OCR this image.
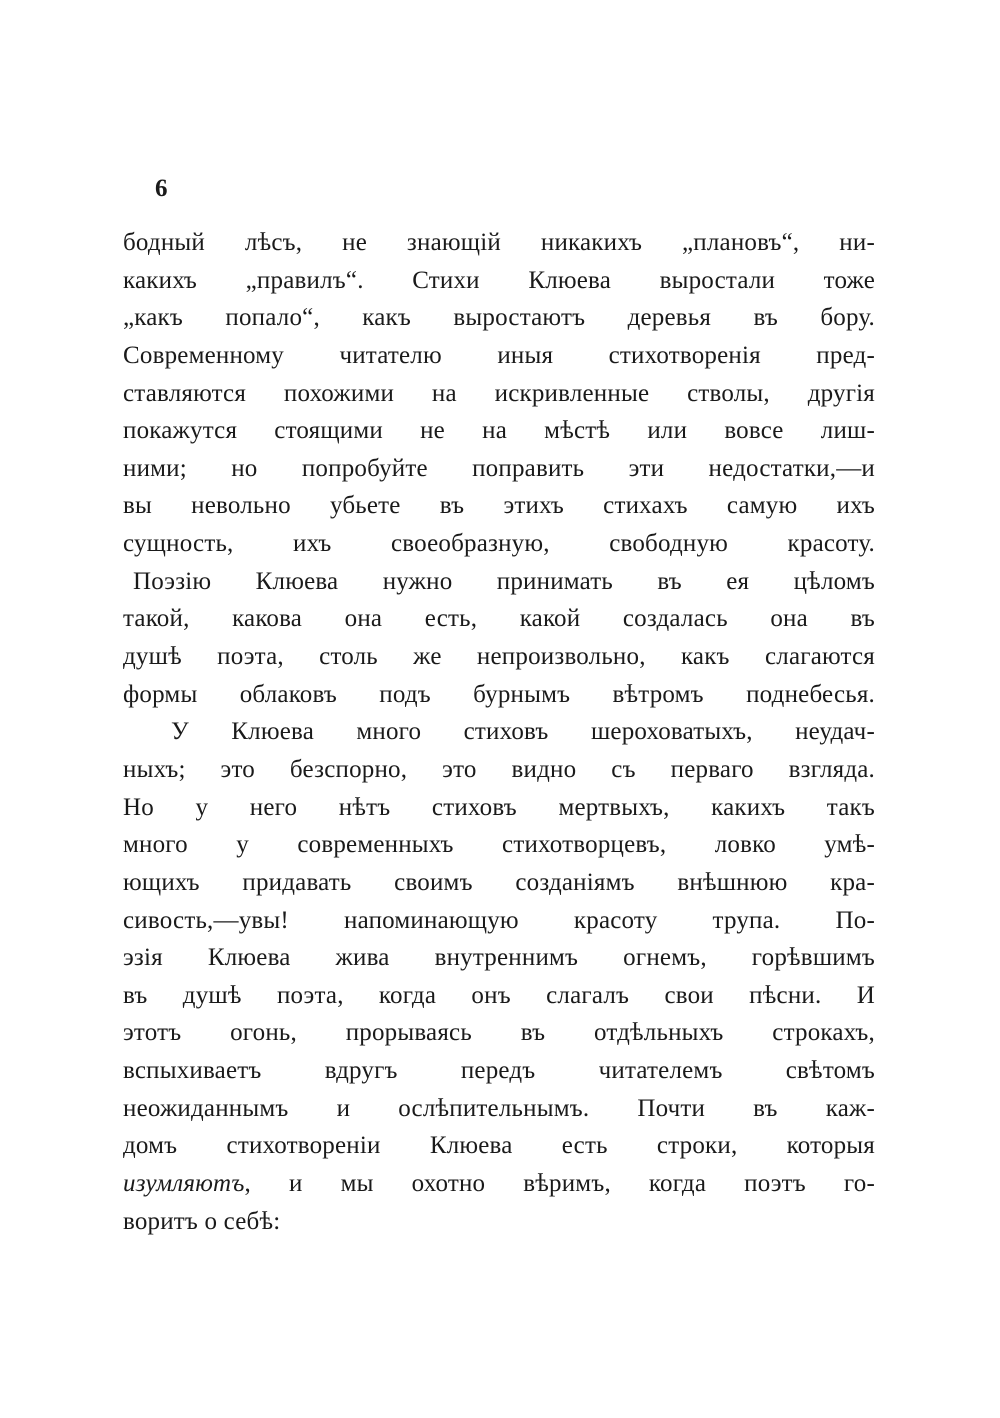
6
бодный лѣсъ, не знающій никакихъ „плановъ“, ни-
какихъ „правилъ“. Стихи Клюева выростали тоже
„какъ попало“, какъ выростаютъ деревья въ бору.
Современному читателю иныя стихотворенія пред-
ставляются похожими на искривленные стволы, другія
покажутся стоящими не на мѣстѣ или вовсе лиш-
ними; но попробуйте поправить эти недостатки,—и
вы невольно убьете въ этихъ стихахъ самую ихъ
сущность, ихъ своеобразную, свободную красоту.
Поэзію Клюева нужно принимать въ ея цѣломъ
такой, какова она есть, какой создалась она въ
душѣ поэта, столь же непроизвольно, какъ слагаются
формы облаковъ подъ бурнымъ вѣтромъ поднебесья.
У Клюева много стиховъ шероховатыхъ, неудач-
ныхъ; это безспорно, это видно съ перваго взгляда.
Но у него нѣтъ стиховъ мертвыхъ, какихъ такъ
много у современныхъ стихотворцевъ, ловко умѣ-
ющихъ придавать своимъ созданіямъ внѣшнюю кра-
сивость,—увы! напоминающую красоту трупа. По-
эзія Клюева жива внутреннимъ огнемъ, горѣвшимъ
въ душѣ поэта, когда онъ слагалъ свои пѣсни. И
этотъ огонь, прорываясь въ отдѣльныхъ строкахъ,
вспыхиваетъ вдругъ передъ читателемъ свѣтомъ
неожиданнымъ и ослѣпительнымъ. Почти въ каж-
домъ стихотвореніи Клюева есть строки, которыя
изумляютъ, и мы охотно вѣримъ, когда поэтъ го-
воритъ о себѣ:
